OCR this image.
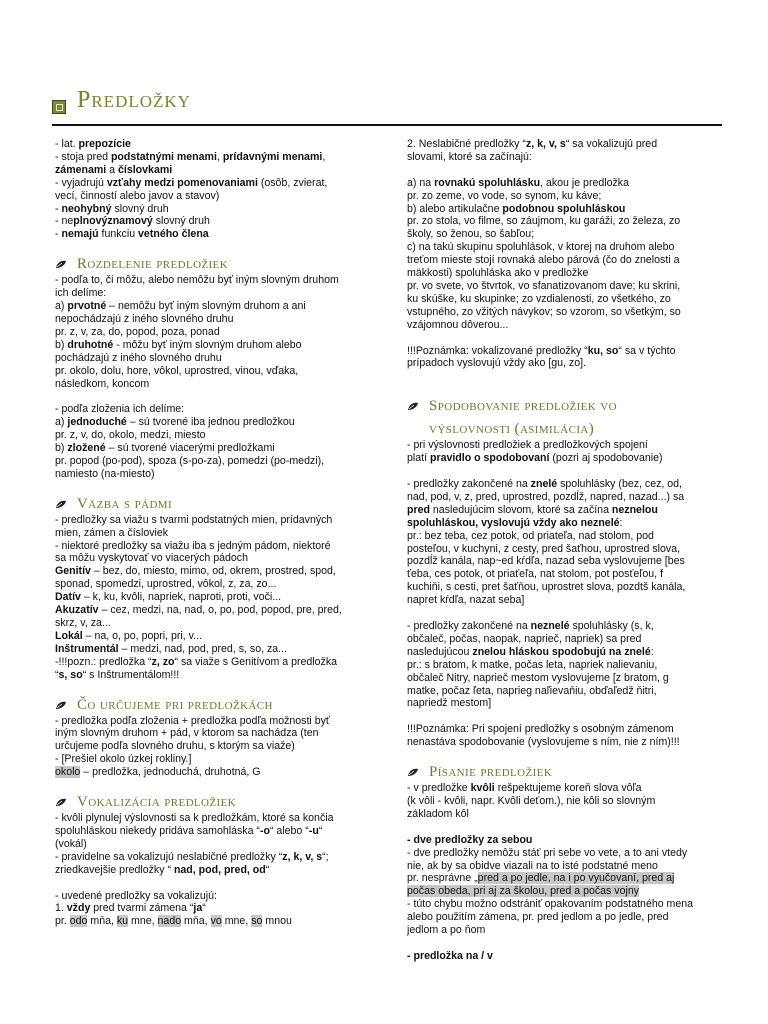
Predložky
- lat. prepozície
- stoja pred podstatnými menami, prídavnými menami,
zámenami a číslovkami
- vyjadrujú vzťahy medzi pomenovaniami (osôb, zvierat,
vecí, činností alebo javov a stavov)
- neohybný slovný druh
- neplnovýznamový slovný druh
- nemajú funkciu vetného člena
Rozdelenie predložiek
- podľa to, či môžu, alebo nemôžu byť iným slovným druhom
ich delíme:
a) prvotné – nemôžu byť iným slovným druhom a ani
nepochádzajú z iného slovného druhu
pr. z, v, za, do, popod, poza, ponad
b) druhotné - môžu byť iným slovným druhom alebo
pochádzajú z iného slovného druhu
pr. okolo, dolu, hore, vôkol, uprostred, vinou, vďaka,
následkom, koncom

- podľa zloženia ich delíme:
a) jednoduché – sú tvorené iba jednou predložkou
pr. z, v, do, okolo, medzi, miesto
b) zložené – sú tvorené viacerými predložkami
pr. popod (po-pod), spoza (s-po-za), pomedzi (po-medzi),
namiesto (na-miesto)
Väzba s pádmi
- predložky sa viažu s tvarmi podstatných mien, prídavných
mien, zámen a čísloviek
- niektoré predložky sa viažu iba s jedným pádom, niektoré
sa môžu vyskytovať vo viacerých pádoch
Genitív – bez, do, miesto, mimo, od, okrem, prostred, spod,
sponad, spomedzi, uprostred, vôkol, z, za, zo...
Datív – k, ku, kvôli, napriek, naproti, proti, voči...
Akuzatív – cez, medzi, na, nad, o, po, pod, popod, pre, pred,
skrz, v, za...
Lokál – na, o, po, popri, pri, v...
Inštrumentál – medzi, nad, pod, pred, s, so, za...
-!!!pozn.: predložka “z, zo“ sa viaže s Genitívom a predložka
“s, so“ s Inštrumentálom!!!
Čo určujeme pri predložkách
- predložka podľa zloženia + predložka podľa možnosti byť
iným slovným druhom + pád, v ktorom sa nachádza (ten
určujeme podľa slovného druhu, s ktorým sa viaže)
- [Prešiel okolo úzkej rokliny.]
okolo – predložka, jednoduchá, druhotná, G
Vokalizácia predložiek
- kvôli plynulej výslovnosti sa k predložkám, ktoré sa končia
spoluhláskou niekedy pridáva samohláska “-o“ alebo “-u“
(vokál)
- pravidelne sa vokalizujú neslabičné predložky “z, k, v, s“;
zriedkavejšie predložky “ nad, pod, pred, od“

- uvedené predložky sa vokalizujú:
1. vždy pred tvarmi zámena “ja“
pr. odo mňa, ku mne, nado mňa, vo mne, so mnou
2. Neslabičné predložky “z, k, v, s“ sa vokalizujú pred
slovami, ktoré sa začínajú:

a) na rovnakú spoluhlásku, akou je predložka
pr. zo zeme, vo vode, so synom, ku káve;
b) alebo artikulačne podobnou spoluhláskou
pr. zo stola, vo filme, so záujmom, ku garáži, zo železa, zo
školy, so ženou, so šabľou;
c) na takú skupinu spoluhlások, v ktorej na druhom alebo
treťom mieste stojí rovnaká alebo párová (čo do znelosti a
mäkkosti) spoluhláska ako v predložke
pr. vo svete, vo štvrtok, vo sfanatizovanom dave; ku skrini,
ku skúške, ku skupinke; zo vzdialenosti, zo všetkého, zo
vstupného, zo vžitých návykov; so vzorom, so všetkým, so
vzájomnou dôverou...

!!!Poznámka: vokalizované predložky “ku, so“ sa v týchto
prípadoch vyslovujú vždy ako [gu, zo].
Spodobovanie predložiek vo
výslovnosti (asimilácia)
- pri výslovnosti predložiek a predložkových spojení
platí pravidlo o spodobovaní (pozri aj spodobovanie)

- predložky zakončené na znelé spoluhlásky (bez, cez, od,
nad, pod, v, z, pred, uprostred, pozdĺž, napred, nazad...) sa
pred nasledujúcim slovom, ktoré sa začína neznelou
spoluhláskou, vyslovujú vždy ako neznelé:
pr.: bez teba, cez potok, od priateľa, nad stolom, pod
posteľou, v kuchyni, z cesty, pred šaťhou, uprostred slova,
pozdĺž kanála, nap~ed kŕdľa, nazad seba vyslovujeme [bes
ťeba, ces potok, ot priaťeľa, nat stolom, pot posťeľou, f
kuchiňi, s cesti, pret šaťňou, uprostret slova, pozdtš kanála,
napret kŕdľa, nazat seba]

- predložky zakončené na neznelé spoluhlásky (s, k,
občaleč, počas, naopak, naprieč, napriek) sa pred
nasledujúcou znelou hláskou spodobujú na znelé:
pr.: s bratom, k matke, počas leta, napriek nalievaniu,
občaleč Nitry, naprieč mestom vyslovujeme [z bratom, g
matke, počaz ľeta, naprieg naľievaňiu, obďaľedž ňitri,
napriedž mestom]

!!!Poznámka: Pri spojení predložky s osobným zámenom
nenastáva spodobovanie (vyslovujeme s ním, nie z ním)!!!
Písanie predložiek
- v predložke kvôli rešpektujeme koreň slova vôľa
(k vôli - kvôli, napr. Kvôli deťom.), nie kôli so slovným
základom kôl

- dve predložky za sebou
- dve predložky nemôžu stáť pri sebe vo vete, a to ani vtedy
nie, ak by sa obidve viazali na to isté podstatné meno
pr. nesprávne „pred a po jedle, na i po vyučovaní, pred aj
počas obeda, pri aj za školou, pred a počas vojny
- túto chybu možno odstrániť opakovaním podstatného mena
alebo použitím zámena, pr. pred jedlom a po jedle, pred
jedlom a po ňom

- predložka na / v
